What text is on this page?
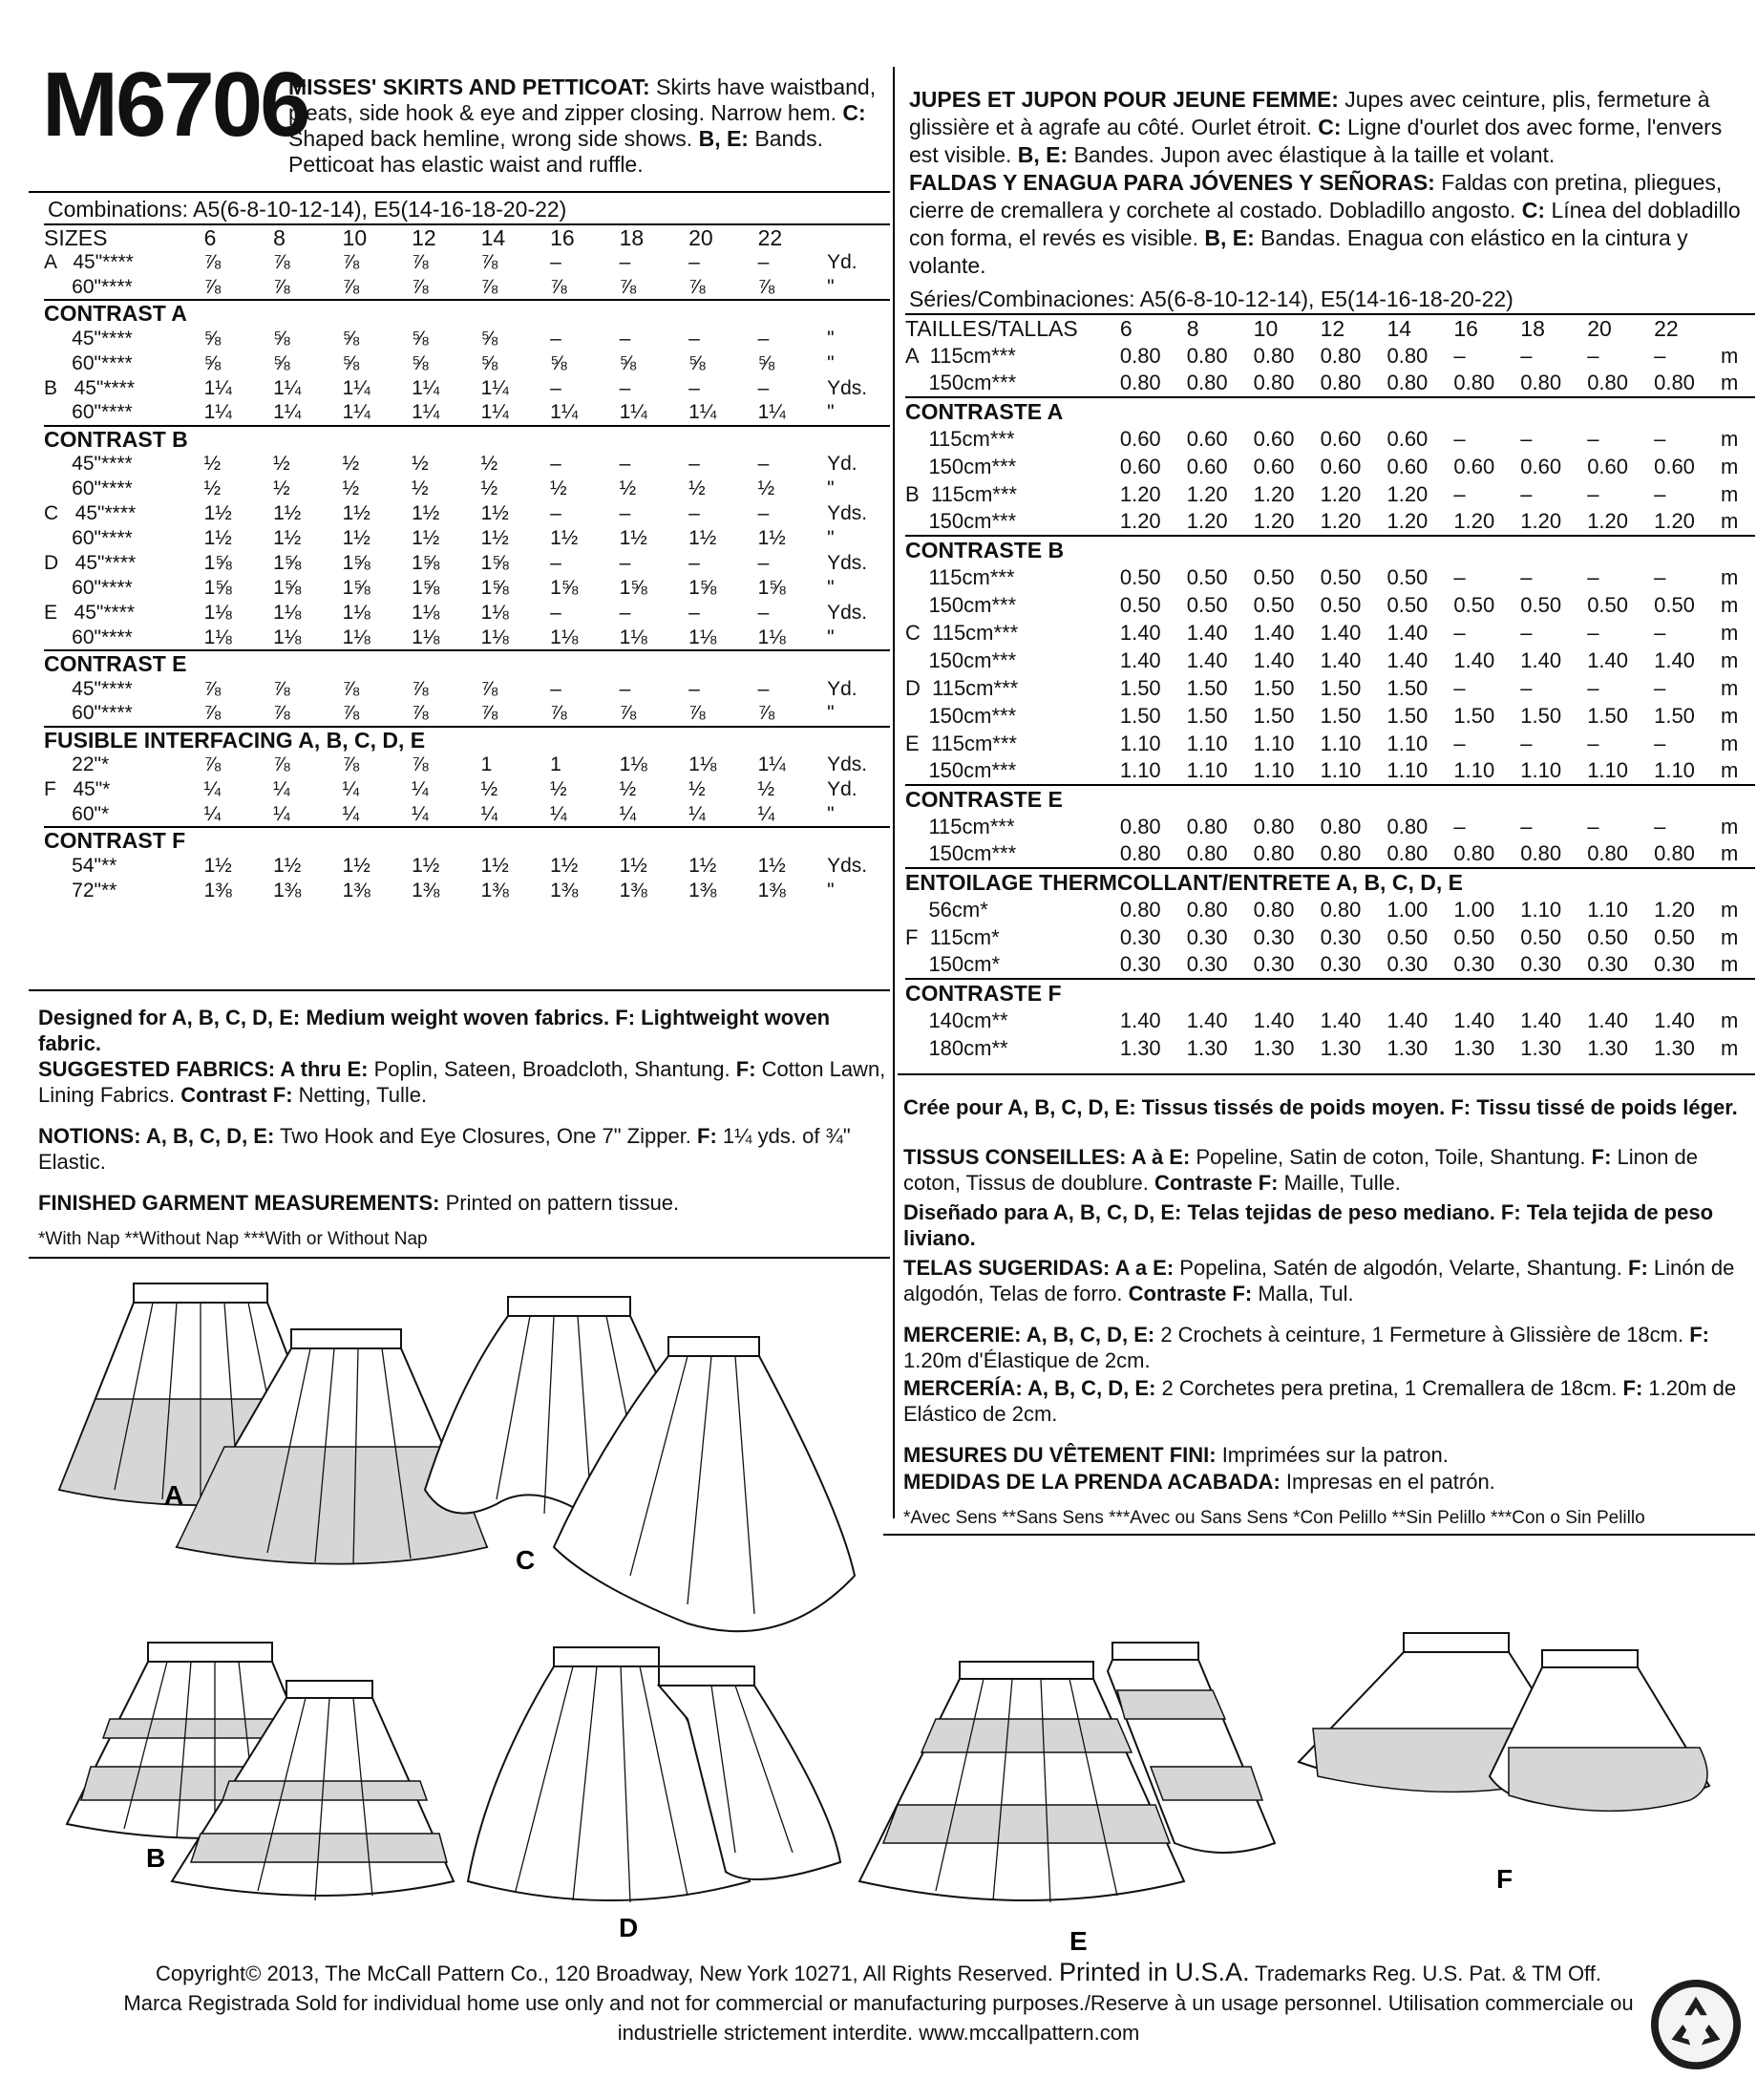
M6706
MISSES' SKIRTS AND PETTICOAT: Skirts have waistband, pleats, side hook & eye and zipper closing. Narrow hem. C: Shaped back hemline, wrong side shows. B, E: Bands. Petticoat has elastic waist and ruffle.
JUPES ET JUPON POUR JEUNE FEMME: Jupes avec ceinture, plis, fermeture à glissière et à agrafe au côté. Ourlet étroit. C: Ligne d'ourlet dos avec forme, l'envers est visible. B, E: Bandes. Jupon avec élastique à la taille et volant.
FALDAS Y ENAGUA PARA JÓVENES Y SEÑORAS: Faldas con pretina, pliegues, cierre de cremallera y corchete al costado. Dobladillo angosto. C: Línea del dobladillo con forma, el revés es visible. B, E: Bandas. Enagua con elástico en la cintura y volante.
Combinations: A5(6-8-10-12-14), E5(14-16-18-20-22)
SIZES	6	8	10	12	14	16	18	20	22	
A   45"****	⅞	⅞	⅞	⅞	⅞	–	–	–	–	Yd.
60"****	⅞	⅞	⅞	⅞	⅞	⅞	⅞	⅞	⅞	"
CONTRAST A										
45"****	⅝	⅝	⅝	⅝	⅝	–	–	–	–	"
60"****	⅝	⅝	⅝	⅝	⅝	⅝	⅝	⅝	⅝	"
B   45"****	1¼	1¼	1¼	1¼	1¼	–	–	–	–	Yds.
60"****	1¼	1¼	1¼	1¼	1¼	1¼	1¼	1¼	1¼	"
CONTRAST B										
45"****	½	½	½	½	½	–	–	–	–	Yd.
60"****	½	½	½	½	½	½	½	½	½	"
C   45"****	1½	1½	1½	1½	1½	–	–	–	–	Yds.
60"****	1½	1½	1½	1½	1½	1½	1½	1½	1½	"
D   45"****	1⅝	1⅝	1⅝	1⅝	1⅝	–	–	–	–	Yds.
60"****	1⅝	1⅝	1⅝	1⅝	1⅝	1⅝	1⅝	1⅝	1⅝	"
E   45"****	1⅛	1⅛	1⅛	1⅛	1⅛	–	–	–	–	Yds.
60"****	1⅛	1⅛	1⅛	1⅛	1⅛	1⅛	1⅛	1⅛	1⅛	"
CONTRAST E										
45"****	⅞	⅞	⅞	⅞	⅞	–	–	–	–	Yd.
60"****	⅞	⅞	⅞	⅞	⅞	⅞	⅞	⅞	⅞	"
FUSIBLE INTERFACING A, B, C, D, E										
22"*	⅞	⅞	⅞	⅞	1	1	1⅛	1⅛	1¼	Yds.
F   45"*	¼	¼	¼	¼	½	½	½	½	½	Yd.
60"*	¼	¼	¼	¼	¼	¼	¼	¼	¼	"
CONTRAST F										
54"**	1½	1½	1½	1½	1½	1½	1½	1½	1½	Yds.
72"**	1⅜	1⅜	1⅜	1⅜	1⅜	1⅜	1⅜	1⅜	1⅜	"
Séries/Combinaciones: A5(6-8-10-12-14), E5(14-16-18-20-22)
TAILLES/TALLAS	6	8	10	12	14	16	18	20	22	
A  115cm***	0.80	0.80	0.80	0.80	0.80	–	–	–	–	m
150cm***	0.80	0.80	0.80	0.80	0.80	0.80	0.80	0.80	0.80	m
CONTRASTE A										
115cm***	0.60	0.60	0.60	0.60	0.60	–	–	–	–	m
150cm***	0.60	0.60	0.60	0.60	0.60	0.60	0.60	0.60	0.60	m
B  115cm***	1.20	1.20	1.20	1.20	1.20	–	–	–	–	m
150cm***	1.20	1.20	1.20	1.20	1.20	1.20	1.20	1.20	1.20	m
CONTRASTE B										
115cm***	0.50	0.50	0.50	0.50	0.50	–	–	–	–	m
150cm***	0.50	0.50	0.50	0.50	0.50	0.50	0.50	0.50	0.50	m
C  115cm***	1.40	1.40	1.40	1.40	1.40	–	–	–	–	m
150cm***	1.40	1.40	1.40	1.40	1.40	1.40	1.40	1.40	1.40	m
D  115cm***	1.50	1.50	1.50	1.50	1.50	–	–	–	–	m
150cm***	1.50	1.50	1.50	1.50	1.50	1.50	1.50	1.50	1.50	m
E  115cm***	1.10	1.10	1.10	1.10	1.10	–	–	–	–	m
150cm***	1.10	1.10	1.10	1.10	1.10	1.10	1.10	1.10	1.10	m
CONTRASTE E										
115cm***	0.80	0.80	0.80	0.80	0.80	–	–	–	–	m
150cm***	0.80	0.80	0.80	0.80	0.80	0.80	0.80	0.80	0.80	m
ENTOILAGE THERMCOLLANT/ENTRETE A, B, C, D, E										
56cm*	0.80	0.80	0.80	0.80	1.00	1.00	1.10	1.10	1.20	m
F  115cm*	0.30	0.30	0.30	0.30	0.50	0.50	0.50	0.50	0.50	m
150cm*	0.30	0.30	0.30	0.30	0.30	0.30	0.30	0.30	0.30	m
CONTRASTE F										
140cm**	1.40	1.40	1.40	1.40	1.40	1.40	1.40	1.40	1.40	m
180cm**	1.30	1.30	1.30	1.30	1.30	1.30	1.30	1.30	1.30	m
Designed for A, B, C, D, E: Medium weight woven fabrics. F: Lightweight woven fabric.
SUGGESTED FABRICS: A thru E: Poplin, Sateen, Broadcloth, Shantung. F: Cotton Lawn, Lining Fabrics. Contrast F: Netting, Tulle.
NOTIONS: A, B, C, D, E: Two Hook and Eye Closures, One 7" Zipper. F: 1¼ yds. of ¾" Elastic.
FINISHED GARMENT MEASUREMENTS: Printed on pattern tissue.
*With Nap **Without Nap ***With or Without Nap
Crée pour A, B, C, D, E: Tissus tissés de poids moyen. F: Tissu tissé de poids léger.
TISSUS CONSEILLES: A à E: Popeline, Satin de coton, Toile, Shantung. F: Linon de coton, Tissus de doublure. Contraste F: Maille, Tulle.
Diseñado para A, B, C, D, E: Telas tejidas de peso mediano. F: Tela tejida de peso liviano.
TELAS SUGERIDAS: A a E: Popelina, Satén de algodón, Velarte, Shantung. F: Linón de algodón, Telas de forro. Contraste F: Malla, Tul.
MERCERIE: A, B, C, D, E: 2 Crochets à ceinture, 1 Fermeture à Glissière de 18cm. F: 1.20m d'Élastique de 2cm.
MERCERÍA: A, B, C, D, E: 2 Corchetes pera pretina, 1 Cremallera de 18cm. F: 1.20m de Elástico de 2cm.
MESURES DU VÊTEMENT FINI: Imprimées sur la patron.
MEDIDAS DE LA PRENDA ACABADA: Impresas en el patrón.
*Avec Sens **Sans Sens ***Avec ou Sans Sens *Con Pelillo **Sin Pelillo ***Con o Sin Pelillo
A
C
B
D	E
F
Copyright© 2013, The McCall Pattern Co., 120 Broadway, New York 10271, All Rights Reserved. Printed in U.S.A. Trademarks Reg. U.S. Pat. & TM Off.
Marca Registrada Sold for individual home use only and not for commercial or manufacturing purposes./Reserve à un usage personnel. Utilisation commerciale ou
industrielle strictement interdite. www.mccallpattern.com
